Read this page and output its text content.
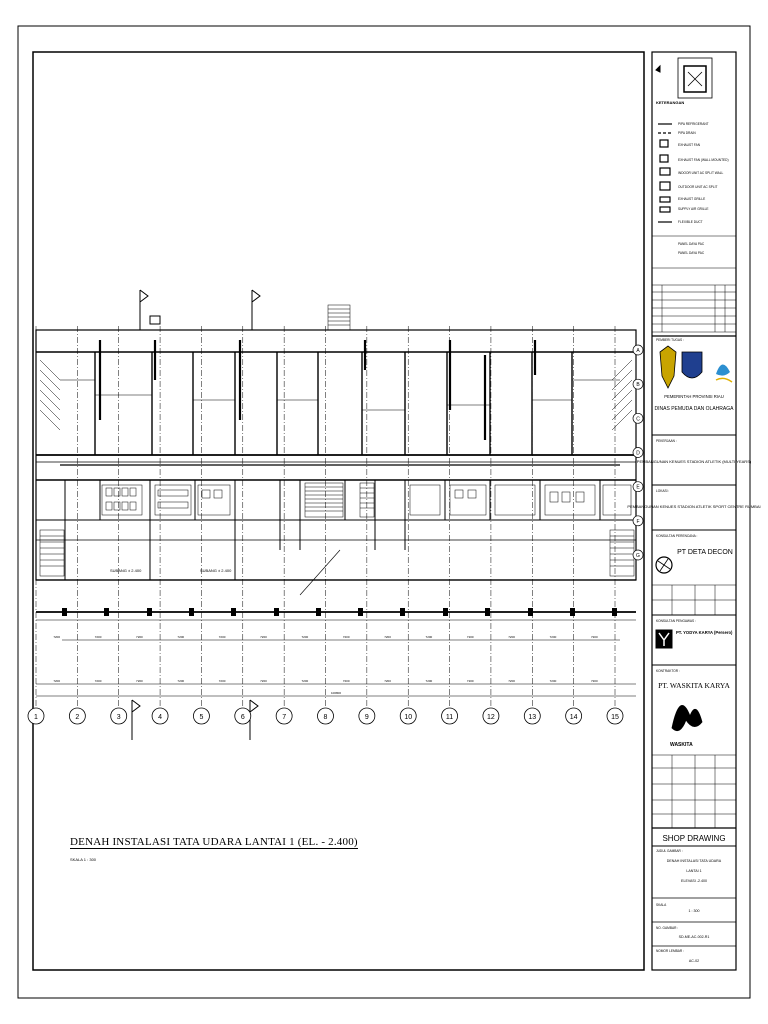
7200
7200
7200
7200
7200
7200
7200
7200
7200
7200
7200
7200
7200
7200
7200
7200
7200
7200
7200
7200
7200
7200
7200
7200
7200
7200
7200
7200
100800
1	2	3	4	5	6	7	8	9	10	11	12	13	14	15
A
B
C
D
E
F
G
SUBANG ± 2.400	SUBANG ± 2.400
KETERANGAN
PIPA REFRIGERANT
PIPA DRAIN
EXHAUST FAN
EXHAUST FAN (WALL MOUNTED)
INDOOR UNIT AC SPLIT WALL
OUTDOOR UNIT AC SPLIT
EXHAUST GRILLE
SUPPLY AIR GRILLE
FLEXIBLE DUCT
PANEL DAYA PAC
PANEL DAYA PAC
PEMBERI TUGAS :
PEMERINTAH PROVINSI RIAU
DINAS PEMUDA DAN OLAHRAGA
PEKERJAAN :
PEMBANGUNAN KENUES STADION ATLETIK (MULTI YEARS)
LOKASI :
PEMBANGUNAN KENUES STADION ATLETIK SPORT CENTRE RUMBAI
KONSULTAN PERENCANA :
PT DETA DECON
KONSULTAN PENGAWAS :
PT. YODYA KARYA (Persero)
KONTRAKTOR :
PT. WASKITA KARYA
WASKITA
SHOP DRAWING
JUDUL GAMBAR :
DENAH INSTALASI TATA UDARA
LANTAI 1
ELEVASI -2.400
SKALA
1 : 300
NO. GAMBAR :
SD-ME-AC-002-R1
NOMOR LEMBAR :
AC-02
DENAH INSTALASI TATA UDARA LANTAI 1 (EL. - 2.400)
SKALA 1 : 300
